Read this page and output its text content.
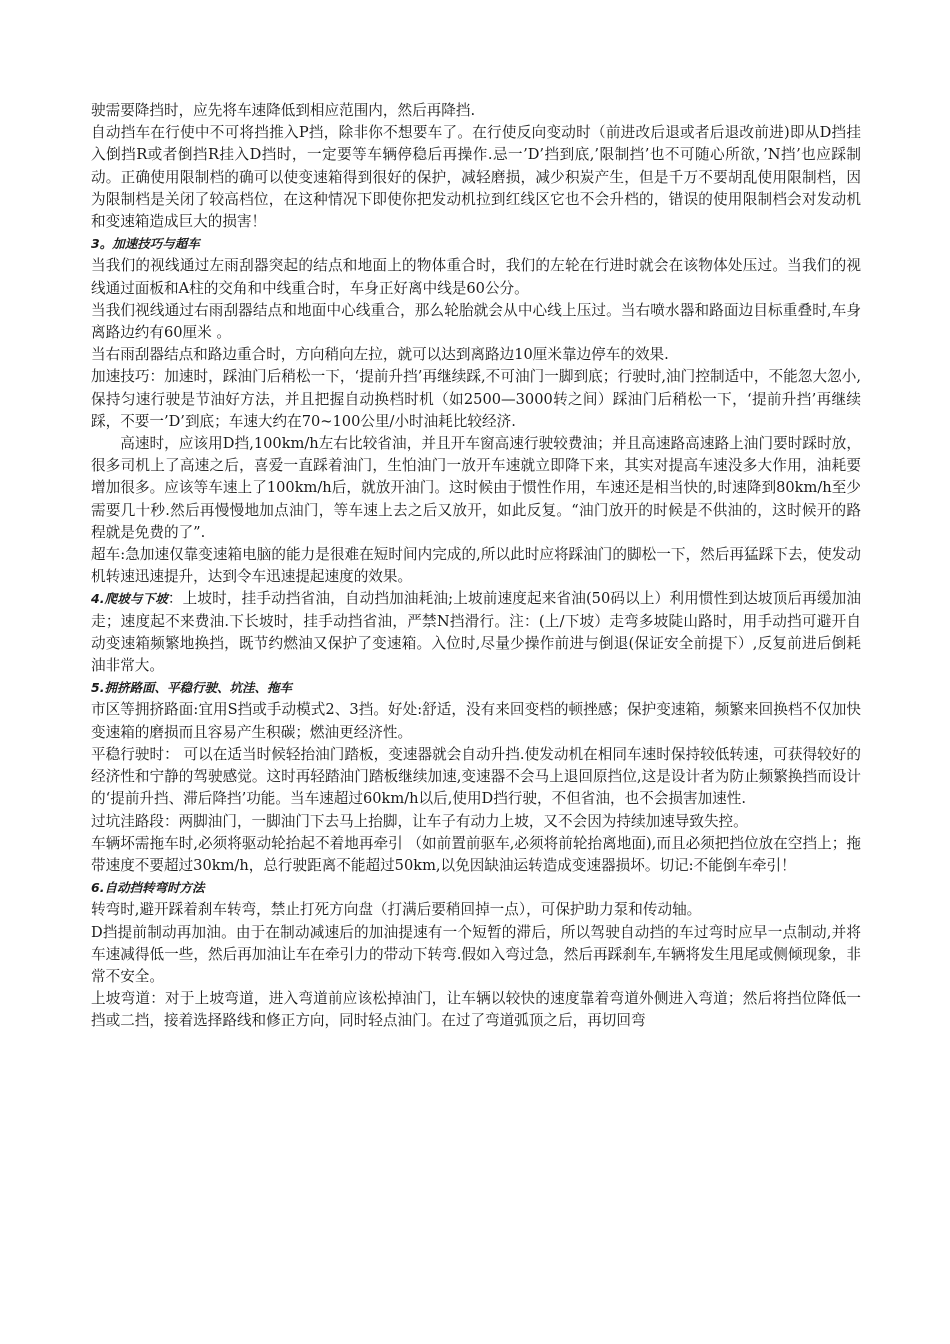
驶需要降挡时，应先将车速降低到相应范围内，然后再降挡.

自动挡车在行使中不可将挡推入P挡，除非你不想要车了。在行使反向变动时（前进改后退或者后退改前进)即从D挡挂入倒挡R或者倒挡R挂入D挡时，一定要等车辆停稳后再操作.忌一’D’挡到底,’限制挡’也不可随心所欲，’N挡’也应踩制动。正确使用限制档的确可以使变速箱得到很好的保护，减轻磨损，减少积炭产生，但是千万不要胡乱使用限制档，因为限制档是关闭了较高档位，在这种情况下即使你把发动机拉到红线区它也不会升档的，错误的使用限制档会对发动机和变速箱造成巨大的损害！

3。加速技巧与超车

当我们的视线通过左雨刮器突起的结点和地面上的物体重合时，我们的左轮在行进时就会在该物体处压过。当我们的视线通过面板和A柱的交角和中线重合时，车身正好离中线是60公分。

当我们视线通过右雨刮器结点和地面中心线重合，那么轮胎就会从中心线上压过。当右喷水器和路面边目标重叠时,车身离路边约有60厘米 。

当右雨刮器结点和路边重合时，方向稍向左拉，就可以达到离路边10厘米靠边停车的效果.

加速技巧：加速时，踩油门后稍松一下，‘提前升挡’再继续踩,不可油门一脚到底；行驶时,油门控制适中，不能忽大忽小,保持匀速行驶是节油好方法，并且把握自动换档时机（如2500—3000转之间）踩油门后稍松一下，‘提前升挡’再继续踩，不要一’D’到底；车速大约在70~100公里/小时油耗比较经济.

高速时，应该用D挡,100km/h左右比较省油，并且开车窗高速行驶较费油；并且高速路高速路上油门要时踩时放，很多司机上了高速之后，喜爱一直踩着油门，生怕油门一放开车速就立即降下来，其实对提高车速没多大作用，油耗要增加很多。应该等车速上了100km/h后，就放开油门。这时候由于惯性作用，车速还是相当快的,时速降到80km/h至少需要几十秒.然后再慢慢地加点油门，等车速上去之后又放开，如此反复。“油门放开的时候是不供油的，这时候开的路程就是免费的了”.

超车:急加速仅靠变速箱电脑的能力是很难在短时间内完成的,所以此时应将踩油门的脚松一下，然后再猛踩下去，使发动机转速迅速提升，达到令车迅速提起速度的效果。

4.爬坡与下坡：上坡时，挂手动挡省油，自动挡加油耗油;上坡前速度起来省油(50码以上）利用惯性到达坡顶后再缓加油走；速度起不来费油.下长坡时，挂手动挡省油，严禁N挡滑行。注：(上/下坡）走弯多坡陡山路时，用手动挡可避开自动变速箱频繁地换挡，既节约燃油又保护了变速箱。入位时,尽量少操作前进与倒退(保证安全前提下）,反复前进后倒耗油非常大。

5.拥挤路面、平稳行驶、坑洼、拖车

市区等拥挤路面:宜用S挡或手动模式2、3挡。好处:舒适，没有来回变档的顿挫感；保护变速箱，频繁来回换档不仅加快变速箱的磨损而且容易产生积碳；燃油更经济性。

平稳行驶时： 可以在适当时候轻抬油门踏板，变速器就会自动升挡.使发动机在相同车速时保持较低转速，可获得较好的经济性和宁静的驾驶感觉。这时再轻踏油门踏板继续加速,变速器不会马上退回原挡位,这是设计者为防止频繁换挡而设计的‘提前升挡、滞后降挡’功能。当车速超过60km/h以后,使用D挡行驶，不但省油，也不会损害加速性.

过坑洼路段：两脚油门，一脚油门下去马上抬脚，让车子有动力上坡，又不会因为持续加速导致失控。

车辆坏需拖车时,必须将驱动轮抬起不着地再牵引 （如前置前驱车,必须将前轮抬离地面),而且必须把挡位放在空挡上；拖带速度不要超过30km/h，总行驶距离不能超过50km,以免因缺油运转造成变速器损坏。切记:不能倒车牵引！

6.自动挡转弯时方法

转弯时,避开踩着刹车转弯，禁止打死方向盘（打满后要稍回掉一点），可保护助力泵和传动轴。

D挡提前制动再加油。由于在制动减速后的加油提速有一个短暂的滞后，所以驾驶自动挡的车过弯时应早一点制动,并将车速减得低一些，然后再加油让车在牵引力的带动下转弯.假如入弯过急，然后再踩刹车,车辆将发生甩尾或侧倾现象，非常不安全。

上坡弯道：对于上坡弯道，进入弯道前应该松掉油门，让车辆以较快的速度靠着弯道外侧进入弯道；然后将挡位降低一挡或二挡，接着选择路线和修正方向，同时轻点油门。在过了弯道弧顶之后，再切回弯
